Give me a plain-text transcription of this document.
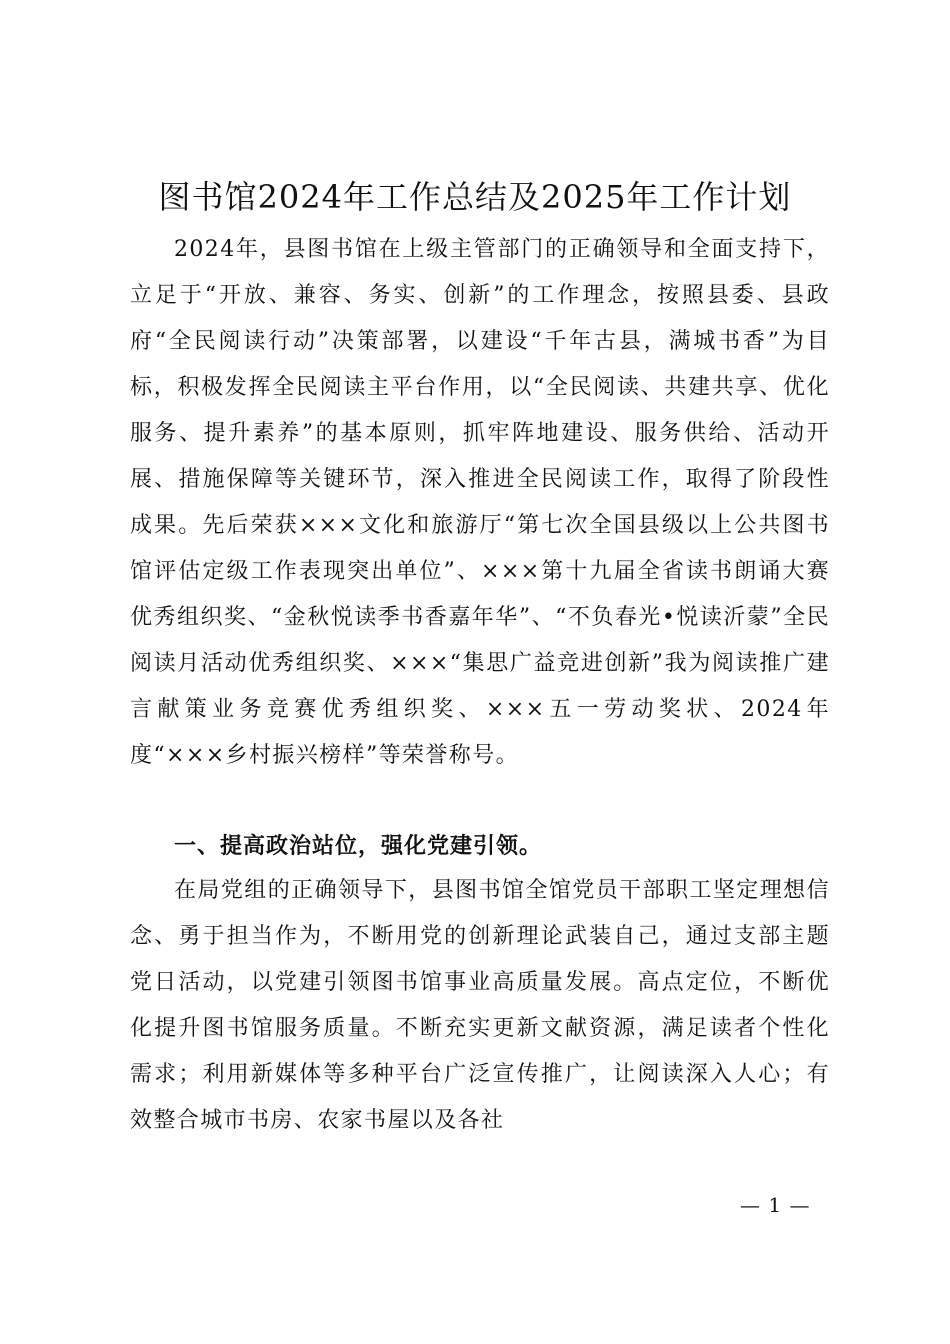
图书馆2024年工作总结及2025年工作计划

2024年，县图书馆在上级主管部门的正确领导和全面支持下，立足于“开放、兼容、务实、创新”的工作理念，按照县委、县政府“全民阅读行动”决策部署，以建设“千年古县，满城书香”为目标，积极发挥全民阅读主平台作用，以“全民阅读、共建共享、优化服务、提升素养”的基本原则，抓牢阵地建设、服务供给、活动开展、措施保障等关键环节，深入推进全民阅读工作，取得了阶段性成果。先后荣获×××文化和旅游厅“第七次全国县级以上公共图书馆评估定级工作表现突出单位”、×××第十九届全省读书朗诵大赛优秀组织奖、“金秋悦读季书香嘉年华”、“不负春光•悦读沂蒙”全民阅读月活动优秀组织奖、×××“集思广益竞进创新”我为阅读推广建言献策业务竞赛优秀组织奖、×××五一劳动奖状、2024年度“×××乡村振兴榜样”等荣誉称号。

一、提高政治站位，强化党建引领。

在局党组的正确领导下，县图书馆全馆党员干部职工坚定理想信念、勇于担当作为，不断用党的创新理论武装自己，通过支部主题党日活动，以党建引领图书馆事业高质量发展。高点定位，不断优化提升图书馆服务质量。不断充实更新文献资源，满足读者个性化需求；利用新媒体等多种平台广泛宣传推广，让阅读深入人心；有效整合城市书房、农家书屋以及各社

— 1 —
